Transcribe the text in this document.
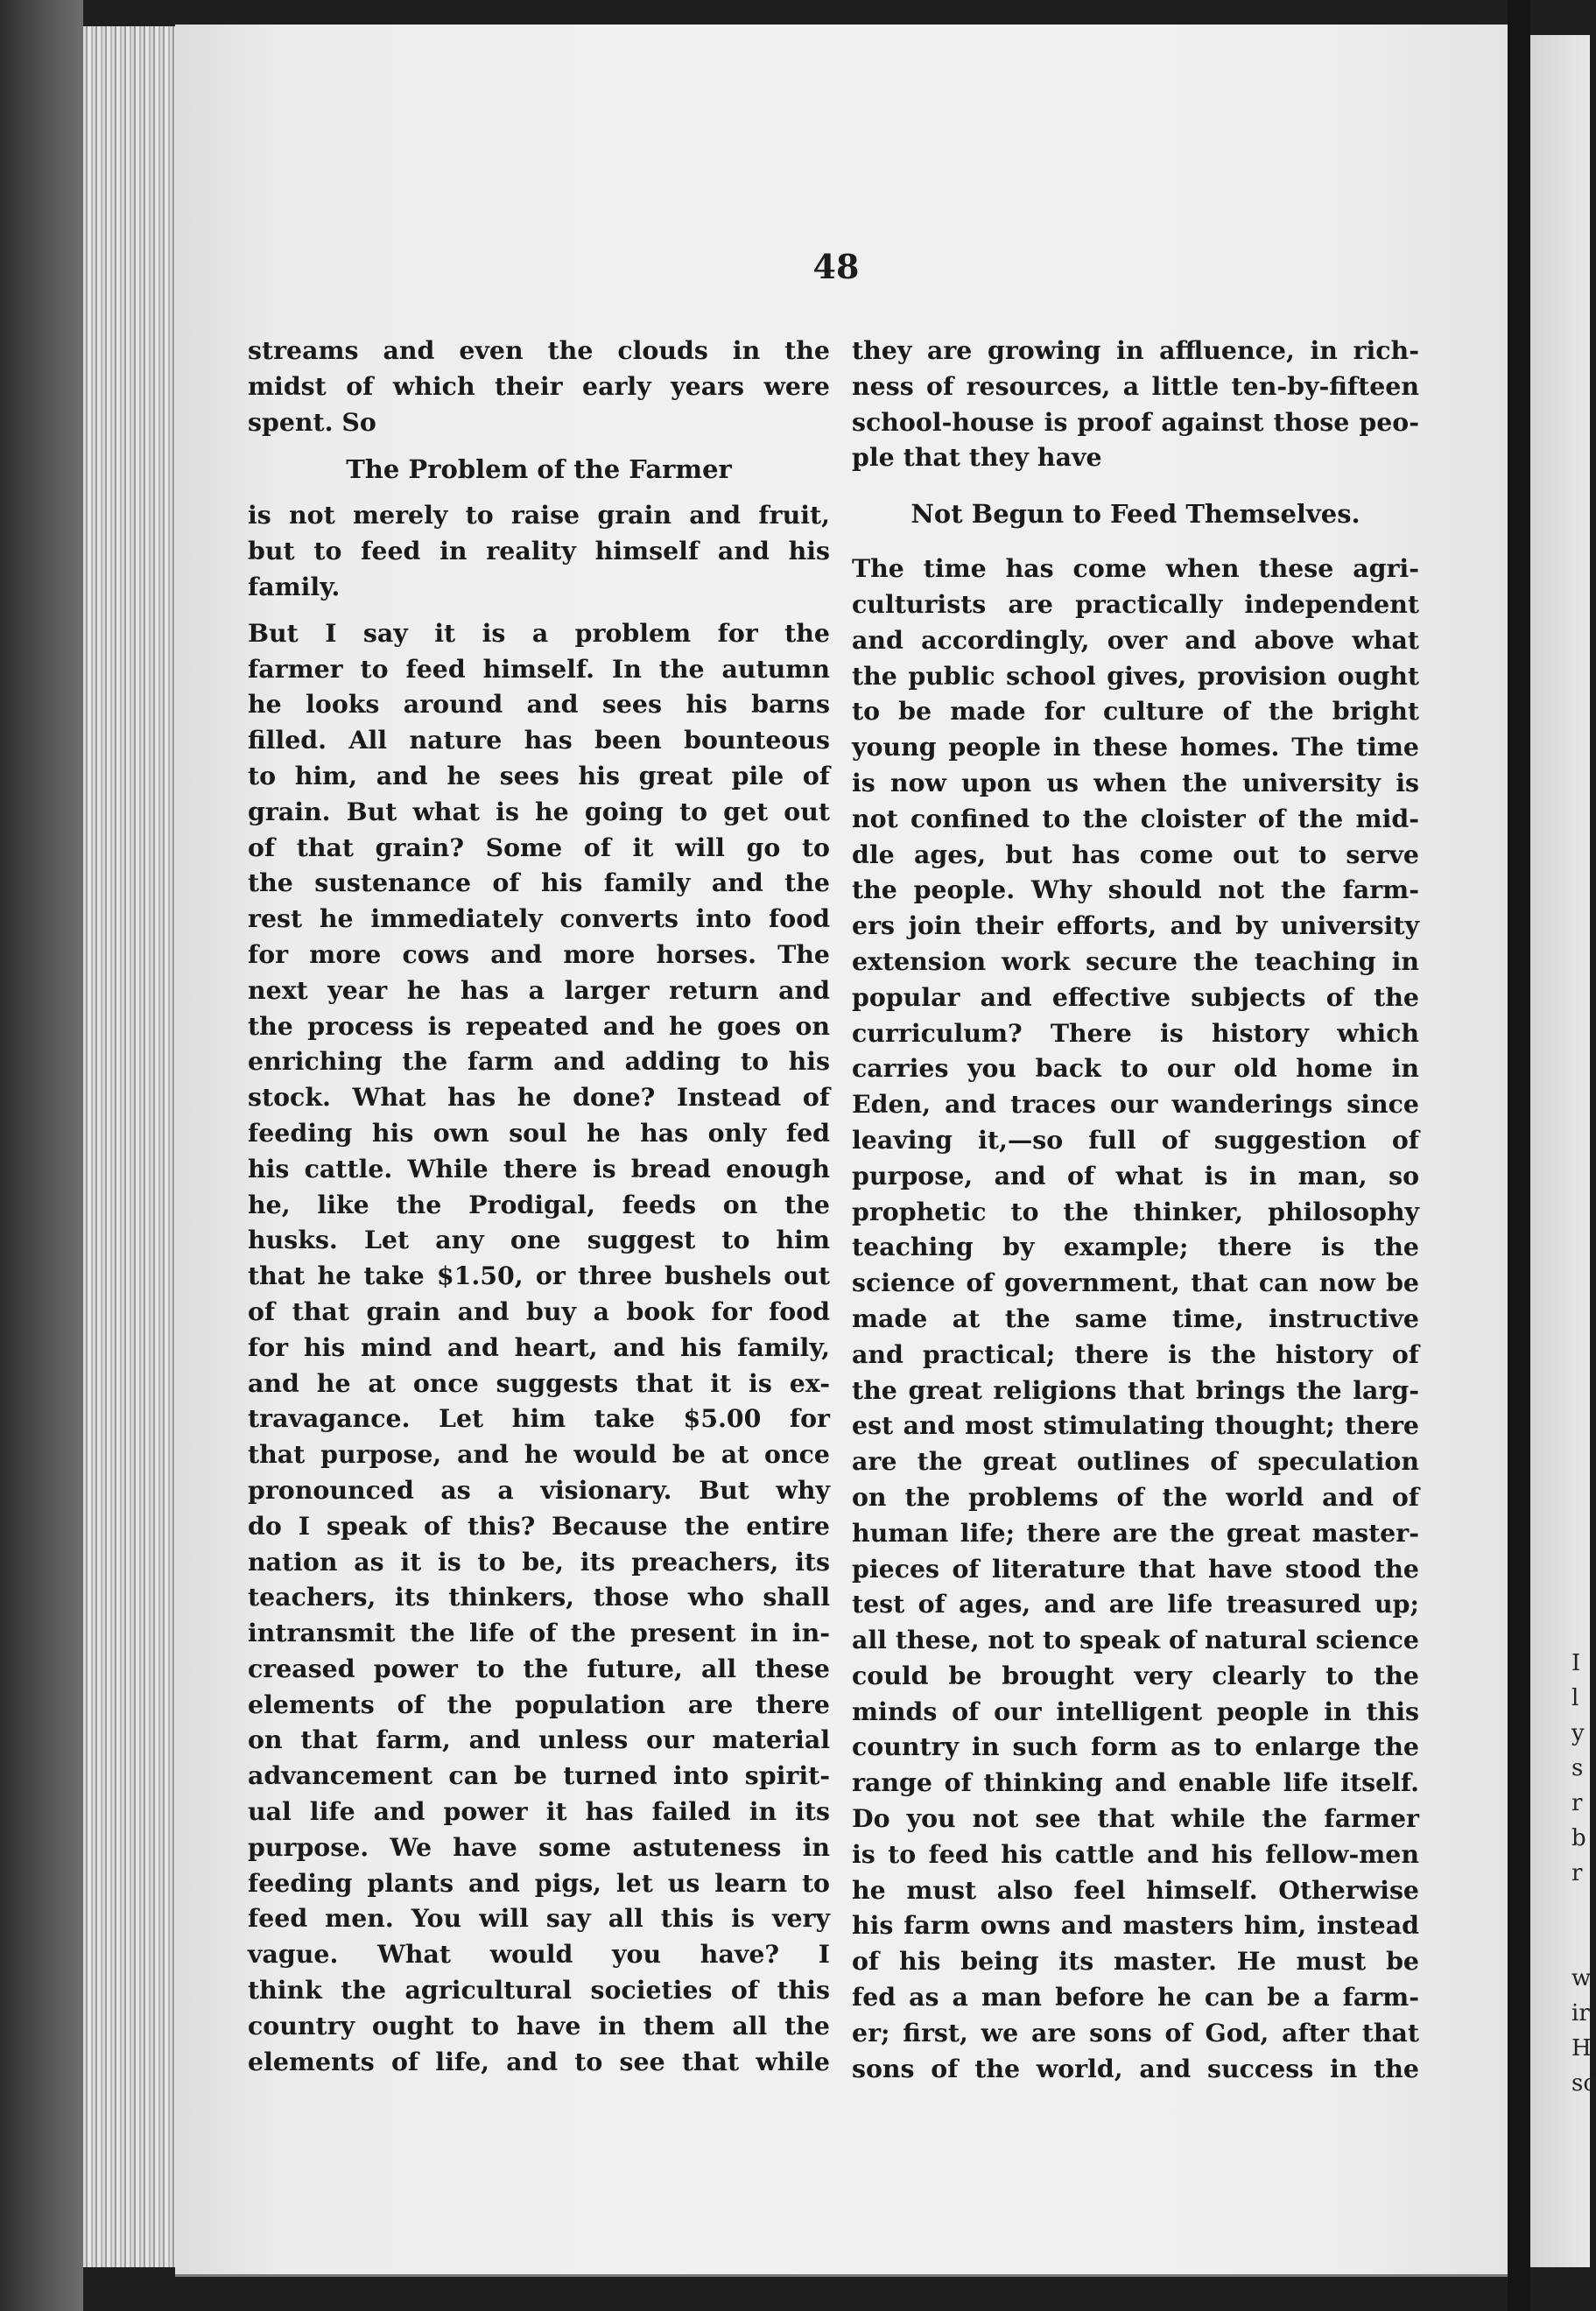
I
l
y
s
r
b
r
w
ir
H
sc
48
streams and even the clouds in the
midst of which their early years were
spent. So
The Problem of the Farmer
is not merely to raise grain and fruit,
but to feed in reality himself and his
family.
But I say it is a problem for the
farmer to feed himself. In the autumn
he looks around and sees his barns
filled. All nature has been bounteous
to him, and he sees his great pile of
grain. But what is he going to get out
of that grain? Some of it will go to
the sustenance of his family and the
rest he immediately converts into food
for more cows and more horses. The
next year he has a larger return and
the process is repeated and he goes on
enriching the farm and adding to his
stock. What has he done? Instead of
feeding his own soul he has only fed
his cattle. While there is bread enough
he, like the Prodigal, feeds on the
husks. Let any one suggest to him
that he take $1.50, or three bushels out
of that grain and buy a book for food
for his mind and heart, and his family,
and he at once suggests that it is ex-
travagance. Let him take $5.00 for
that purpose, and he would be at once
pronounced as a visionary. But why
do I speak of this? Because the entire
nation as it is to be, its preachers, its
teachers, its thinkers, those who shall
intransmit the life of the present in in-
creased power to the future, all these
elements of the population are there
on that farm, and unless our material
advancement can be turned into spirit-
ual life and power it has failed in its
purpose. We have some astuteness in
feeding plants and pigs, let us learn to
feed men. You will say all this is very
vague. What would you have? I
think the agricultural societies of this
country ought to have in them all the
elements of life, and to see that while
they are growing in affluence, in rich-
ness of resources, a little ten-by-fifteen
school-house is proof against those peo-
ple that they have
Not Begun to Feed Themselves.
The time has come when these agri-
culturists are practically independent
and accordingly, over and above what
the public school gives, provision ought
to be made for culture of the bright
young people in these homes. The time
is now upon us when the university is
not confined to the cloister of the mid-
dle ages, but has come out to serve
the people. Why should not the farm-
ers join their efforts, and by university
extension work secure the teaching in
popular and effective subjects of the
curriculum? There is history which
carries you back to our old home in
Eden, and traces our wanderings since
leaving it,—so full of suggestion of
purpose, and of what is in man, so
prophetic to the thinker, philosophy
teaching by example; there is the
science of government, that can now be
made at the same time, instructive
and practical; there is the history of
the great religions that brings the larg-
est and most stimulating thought; there
are the great outlines of speculation
on the problems of the world and of
human life; there are the great master-
pieces of literature that have stood the
test of ages, and are life treasured up;
all these, not to speak of natural science
could be brought very clearly to the
minds of our intelligent people in this
country in such form as to enlarge the
range of thinking and enable life itself.
Do you not see that while the farmer
is to feed his cattle and his fellow-men
he must also feel himself. Otherwise
his farm owns and masters him, instead
of his being its master. He must be
fed as a man before he can be a farm-
er; first, we are sons of God, after that
sons of the world, and success in the
